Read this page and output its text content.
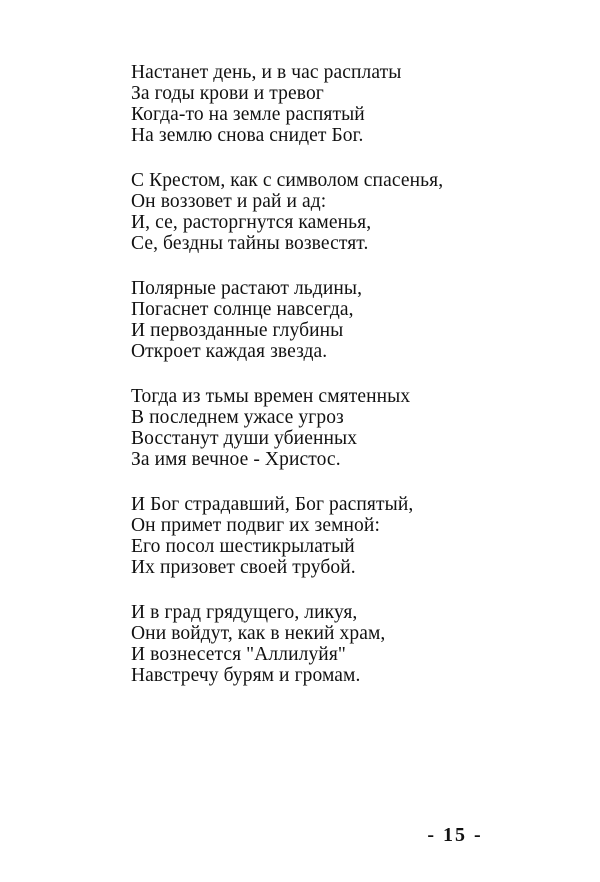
Настанет день, и в час расплаты
За годы крови и тревог
Когда-то на земле распятый
На землю снова снидет Бог.
С Крестом, как с символом спасенья,
Он воззовет и рай и ад:
И, се, расторгнутся каменья,
Се, бездны тайны возвестят.
Полярные растают льдины,
Погаснет солнце навсегда,
И первозданные глубины
Откроет каждая звезда.
Тогда из тьмы времен смятенных
В последнем ужасе угроз
Восстанут души убиенных
За имя вечное - Христос.
И Бог страдавший, Бог распятый,
Он примет подвиг их земной:
Его посол шестикрылатый
Их призовет своей трубой.
И в град грядущего, ликуя,
Они войдут, как в некий храм,
И вознесется "Аллилуйя"
Навстречу бурям и громам.
- 15 -
